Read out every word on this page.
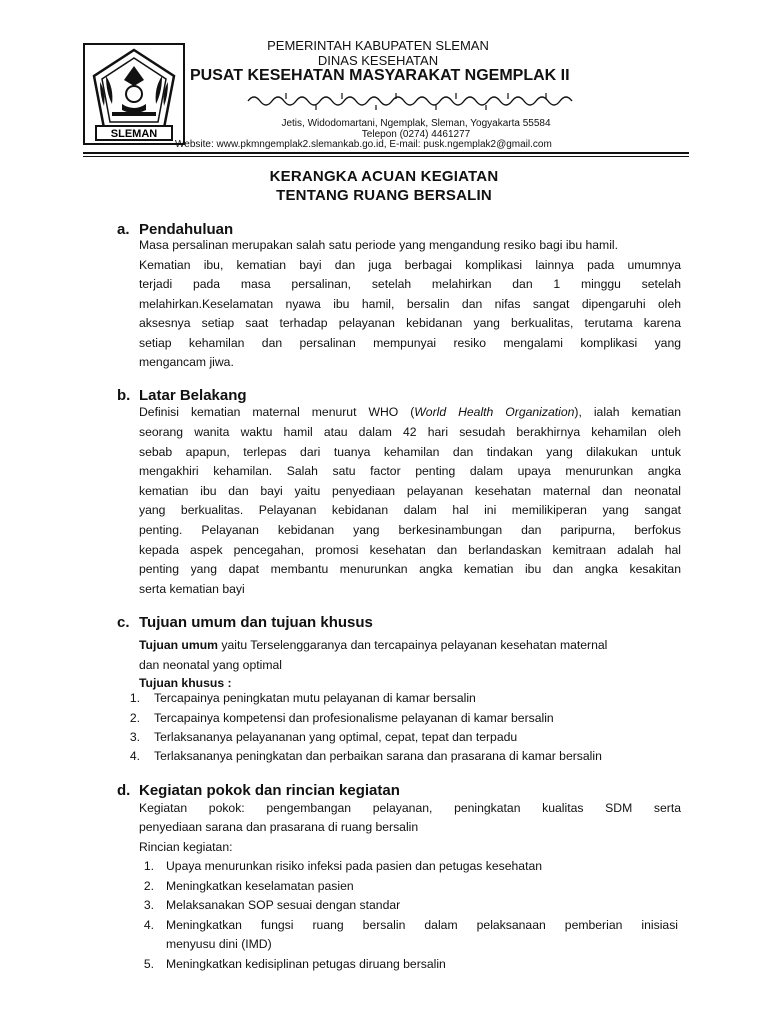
SLEMAN
PEMERINTAH KABUPATEN SLEMAN
DINAS KESEHATAN
PUSAT KESEHATAN MASYARAKAT NGEMPLAK II
Jetis, Widodomartani, Ngemplak, Sleman, Yogyakarta 55584
Telepon (0274) 4461277
Website: www.pkmngemplak2.slemankab.go.id, E-mail: pusk.ngemplak2@gmail.com
KERANGKA ACUAN KEGIATAN
TENTANG RUANG BERSALIN
a. Pendahuluan
Masa persalinan merupakan salah satu periode yang mengandung resiko bagi ibu hamil.
Kematian ibu, kematian bayi dan juga berbagai komplikasi lainnya pada umumnya
terjadi pada masa persalinan, setelah melahirkan dan 1 minggu setelah
melahirkan.Keselamatan nyawa ibu hamil, bersalin dan nifas sangat dipengaruhi oleh
aksesnya setiap saat terhadap pelayanan kebidanan yang berkualitas, terutama karena
setiap kehamilan dan persalinan mempunyai resiko mengalami komplikasi yang
mengancam jiwa.
b. Latar Belakang
Definisi kematian maternal menurut WHO (World Health Organization), ialah kematian
seorang wanita waktu hamil atau dalam 42 hari sesudah berakhirnya kehamilan oleh
sebab apapun, terlepas dari tuanya kehamilan dan tindakan yang dilakukan untuk
mengakhiri kehamilan. Salah satu factor penting dalam upaya menurunkan angka
kematian ibu dan bayi yaitu penyediaan pelayanan kesehatan maternal dan neonatal
yang berkualitas. Pelayanan kebidanan dalam hal ini memilikiperan yang sangat
penting. Pelayanan kebidanan yang berkesinambungan dan paripurna, berfokus
kepada aspek pencegahan, promosi kesehatan dan berlandaskan kemitraan adalah hal
penting yang dapat membantu menurunkan angka kematian ibu dan angka kesakitan
serta kematian bayi
c. Tujuan umum dan tujuan khusus
Tujuan umum yaitu Terselenggaranya dan tercapainya pelayanan kesehatan maternal
dan neonatal yang optimal
Tujuan khusus :
1. Tercapainya peningkatan mutu pelayanan di kamar bersalin
2. Tercapainya kompetensi dan profesionalisme pelayanan di kamar bersalin
3. Terlaksananya pelayananan yang optimal, cepat, tepat dan terpadu
4. Terlaksananya peningkatan dan perbaikan sarana dan prasarana di kamar bersalin
d. Kegiatan pokok dan rincian kegiatan
Kegiatan pokok: pengembangan pelayanan, peningkatan kualitas SDM serta
penyediaan sarana dan prasarana di ruang bersalin
Rincian kegiatan:
1. Upaya menurunkan risiko infeksi pada pasien dan petugas kesehatan
2. Meningkatkan keselamatan pasien
3. Melaksanakan SOP sesuai dengan standar
4. Meningkatkan fungsi ruang bersalin dalam pelaksanaan pemberian inisiasi
menyusu dini (IMD)
5. Meningkatkan kedisiplinan petugas diruang bersalin
